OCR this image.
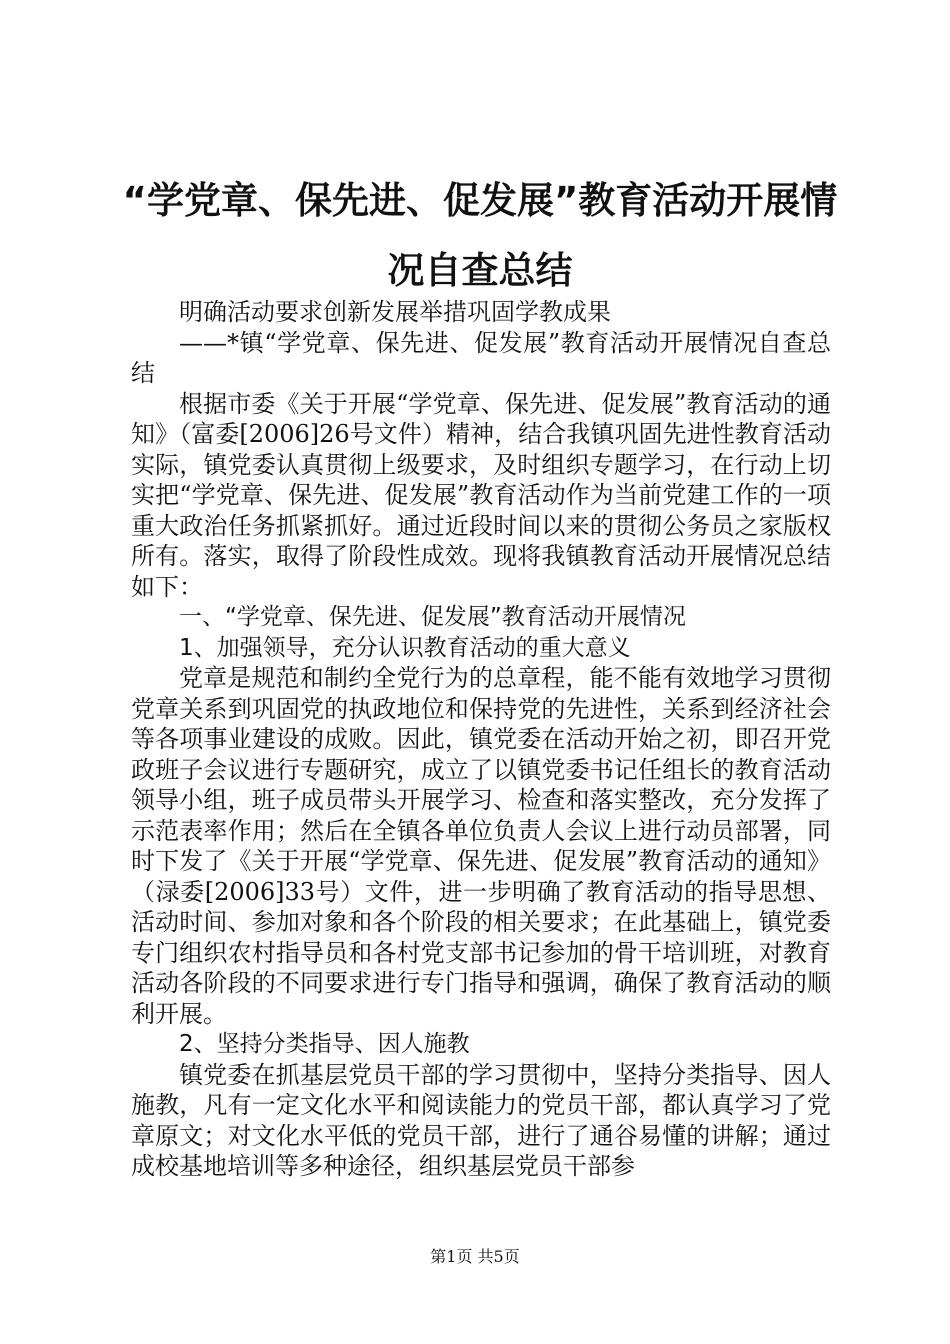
“学党章、保先进、促发展”教育活动开展情况自查总结

明确活动要求创新发展举措巩固学教成果

——*镇“学党章、保先进、促发展”教育活动开展情况自查总结

根据市委《关于开展“学党章、保先进、促发展”教育活动的通知》（富委[2006]26号文件）精神，结合我镇巩固先进性教育活动实际，镇党委认真贯彻上级要求，及时组织专题学习，在行动上切实把“学党章、保先进、促发展”教育活动作为当前党建工作的一项重大政治任务抓紧抓好。通过近段时间以来的贯彻公务员之家版权所有。落实，取得了阶段性成效。现将我镇教育活动开展情况总结如下：

一、“学党章、保先进、促发展”教育活动开展情况

1、加强领导，充分认识教育活动的重大意义

党章是规范和制约全党行为的总章程，能不能有效地学习贯彻党章关系到巩固党的执政地位和保持党的先进性，关系到经济社会等各项事业建设的成败。因此，镇党委在活动开始之初，即召开党政班子会议进行专题研究，成立了以镇党委书记任组长的教育活动领导小组，班子成员带头开展学习、检查和落实整改，充分发挥了示范表率作用；然后在全镇各单位负责人会议上进行动员部署，同时下发了《关于开展“学党章、保先进、促发展”教育活动的通知》（渌委[2006]33号）文件，进一步明确了教育活动的指导思想、活动时间、参加对象和各个阶段的相关要求；在此基础上，镇党委专门组织农村指导员和各村党支部书记参加的骨干培训班，对教育活动各阶段的不同要求进行专门指导和强调，确保了教育活动的顺利开展。

2、坚持分类指导、因人施教

镇党委在抓基层党员干部的学习贯彻中，坚持分类指导、因人施教，凡有一定文化水平和阅读能力的党员干部，都认真学习了党章原文；对文化水平低的党员干部，进行了通谷易懂的讲解；通过成校基地培训等多种途径，组织基层党员干部参

第1页 共5页
